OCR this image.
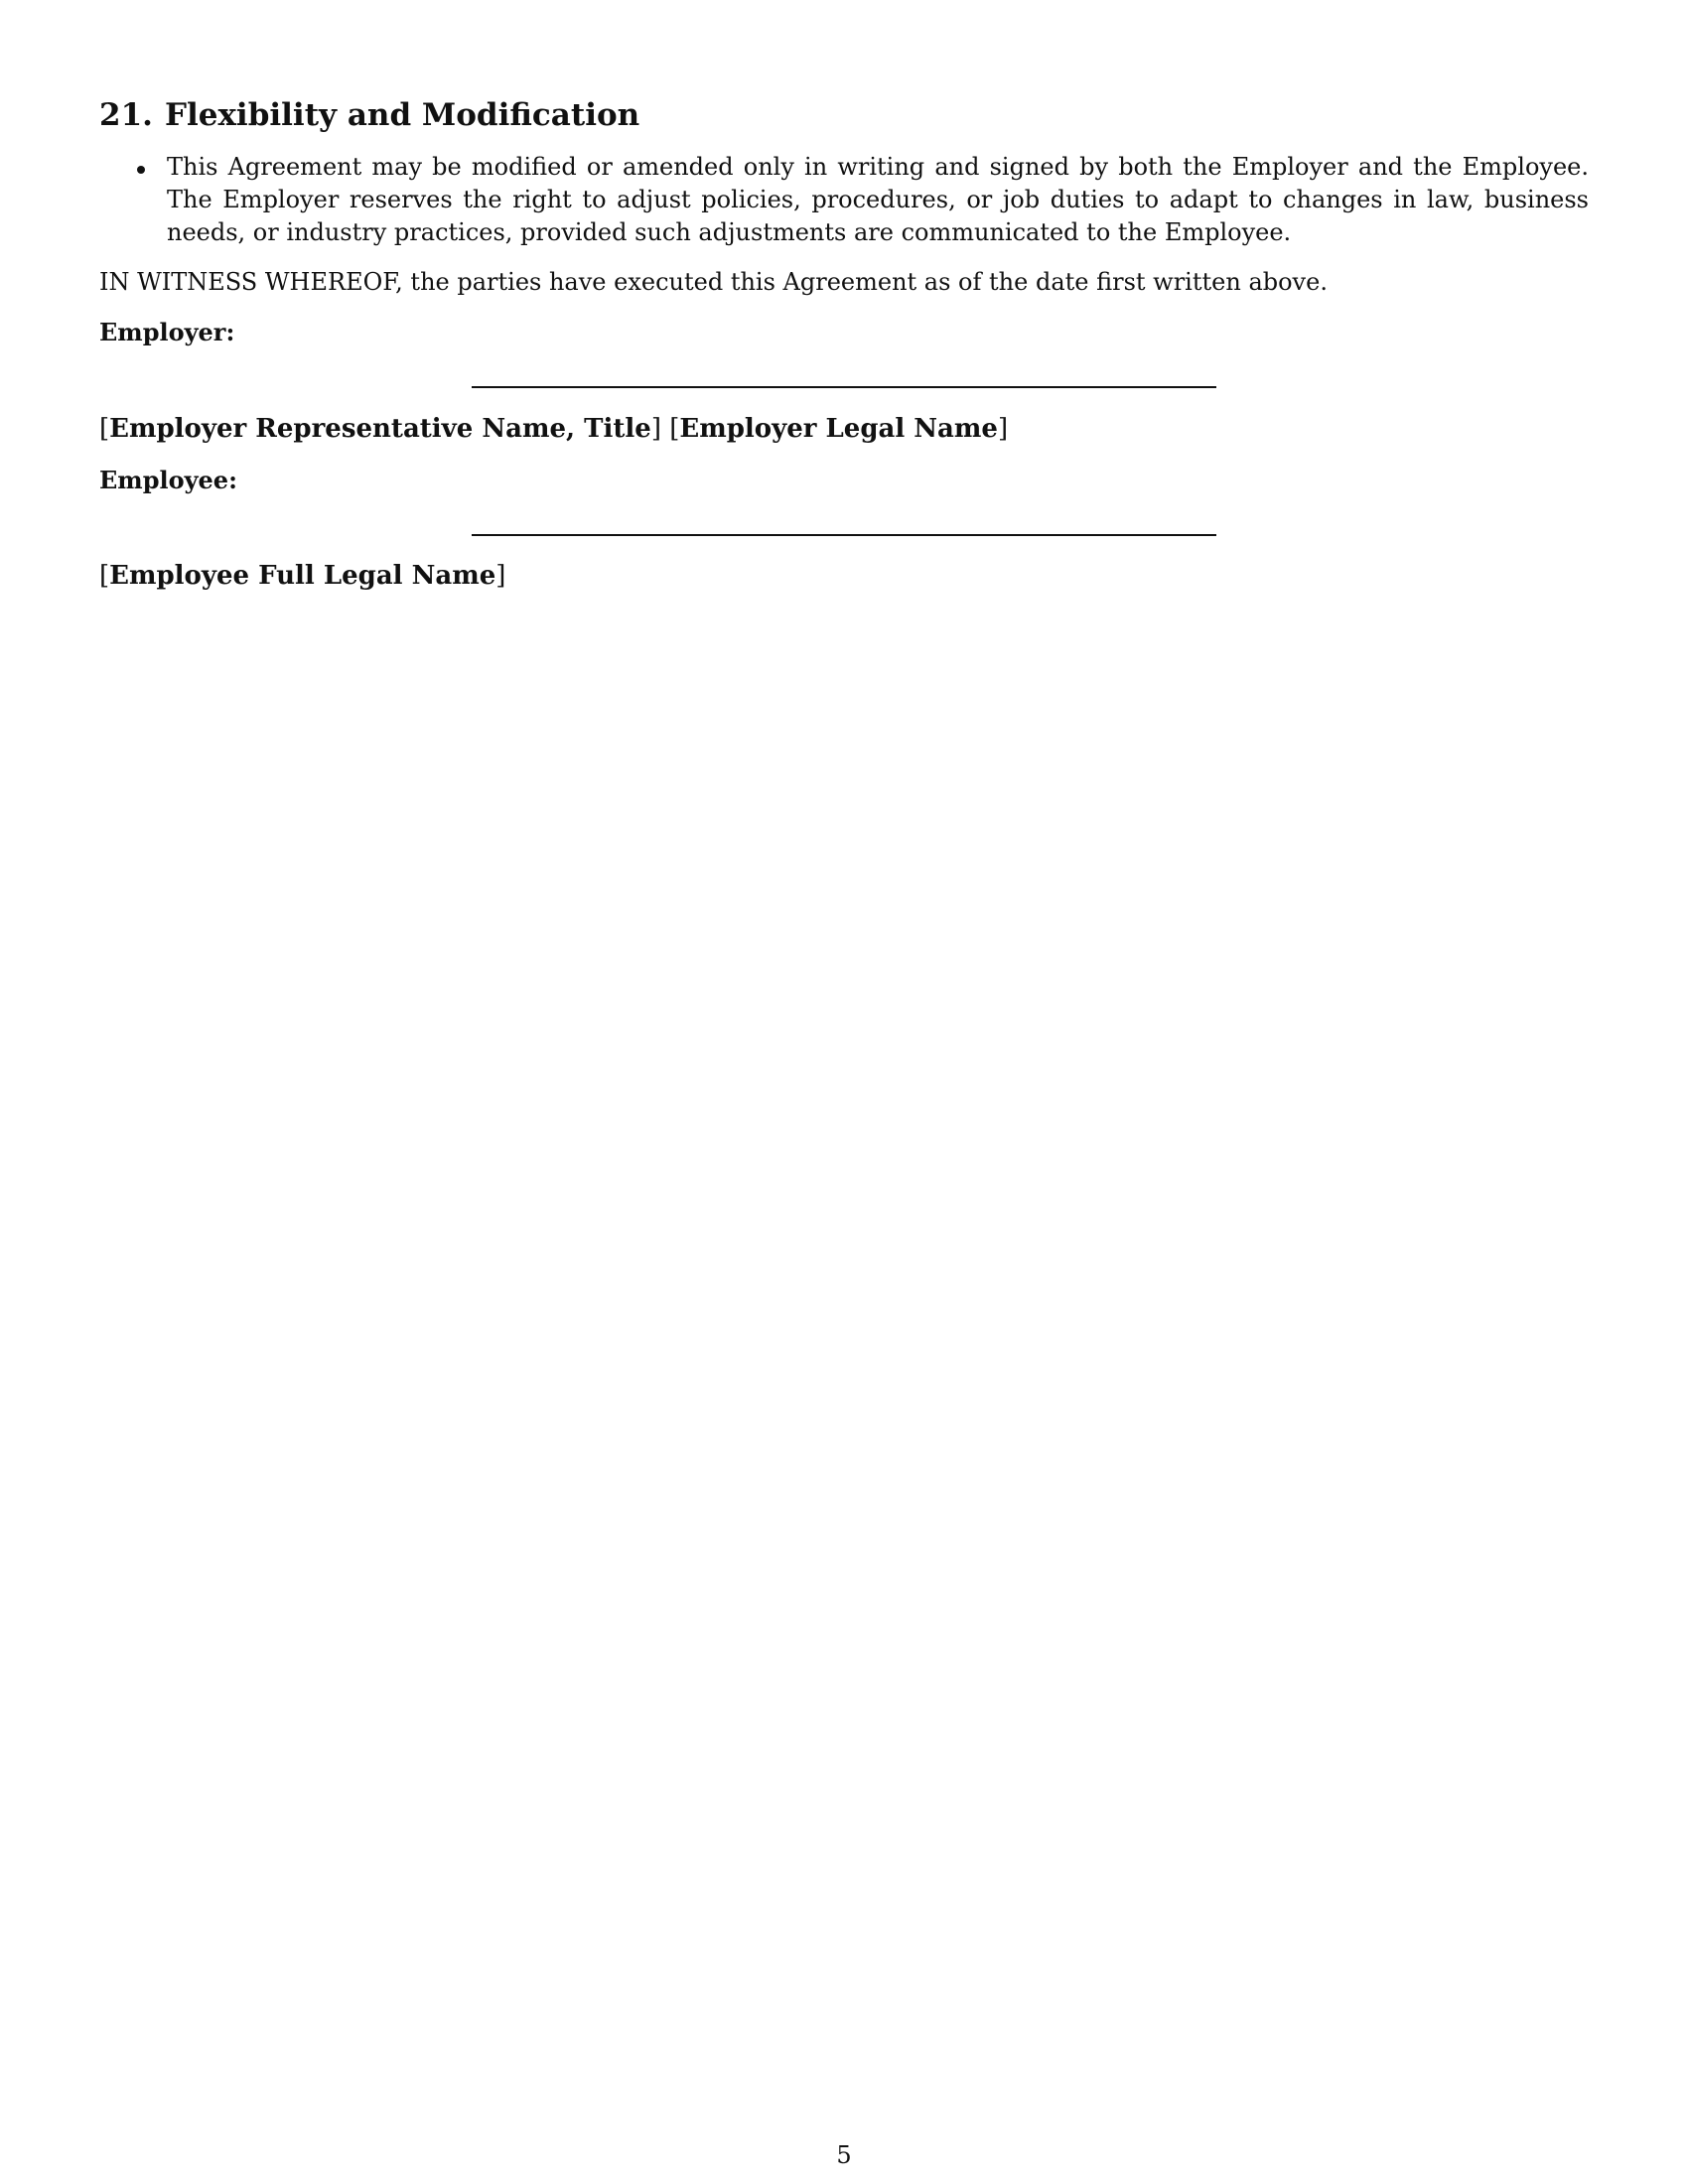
21. Flexibility and Modification
This Agreement may be modified or amended only in writing and signed by both the Employer and the Employee. The Employer reserves the right to adjust policies, procedures, or job duties to adapt to changes in law, business needs, or industry practices, provided such adjustments are communicated to the Employee.

IN WITNESS WHEREOF, the parties have executed this Agreement as of the date first written above.

Employer:

[Employer Representative Name, Title] [Employer Legal Name]

Employee:

[Employee Full Legal Name]

5
